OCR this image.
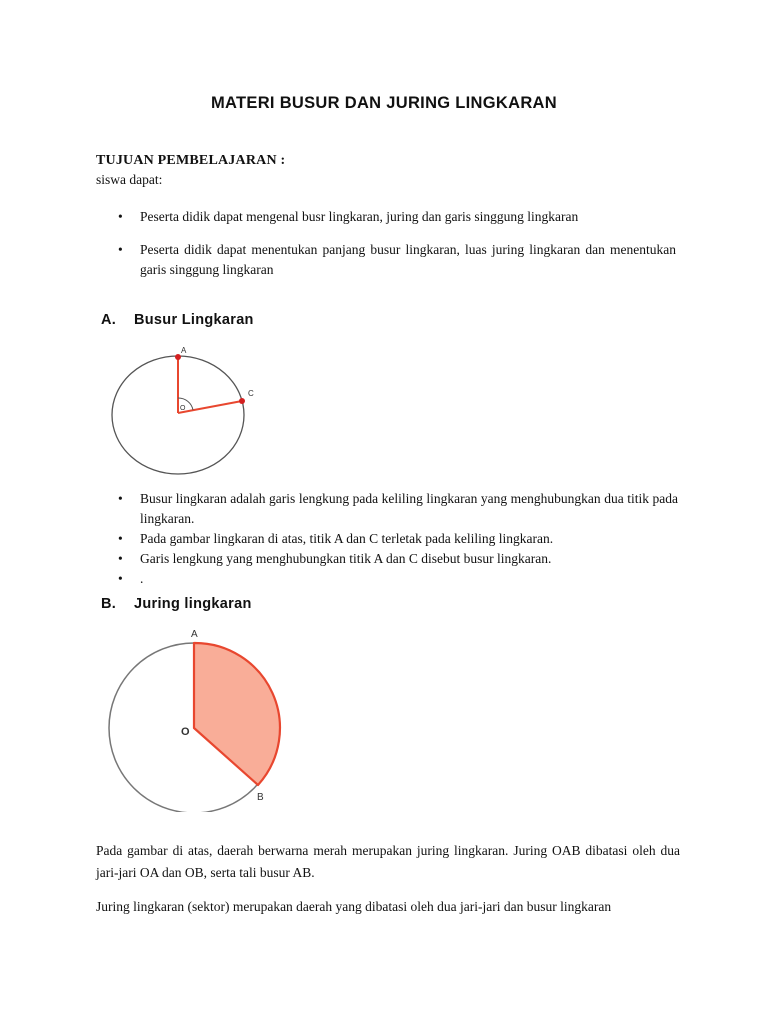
MATERI BUSUR DAN JURING LINGKARAN
TUJUAN PEMBELAJARAN :
siswa dapat:
• Peserta didik dapat mengenal busr lingkaran, juring dan garis singgung lingkaran
• Peserta didik dapat menentukan panjang busur lingkaran, luas juring lingkaran dan menentukan garis singgung lingkaran
A. Busur Lingkaran
A
C
O
• Busur lingkaran adalah garis lengkung pada keliling lingkaran yang menghubungkan dua titik pada lingkaran.
• Pada gambar lingkaran di atas, titik A dan C terletak pada keliling lingkaran.
• Garis lengkung yang menghubungkan titik A dan C disebut busur lingkaran.
• .
B. Juring lingkaran
A
B
O
Pada gambar di atas, daerah berwarna merah merupakan juring lingkaran. Juring OAB dibatasi oleh dua jari-jari OA dan OB, serta tali busur AB.
Juring lingkaran (sektor) merupakan daerah yang dibatasi oleh dua jari-jari dan busur lingkaran
